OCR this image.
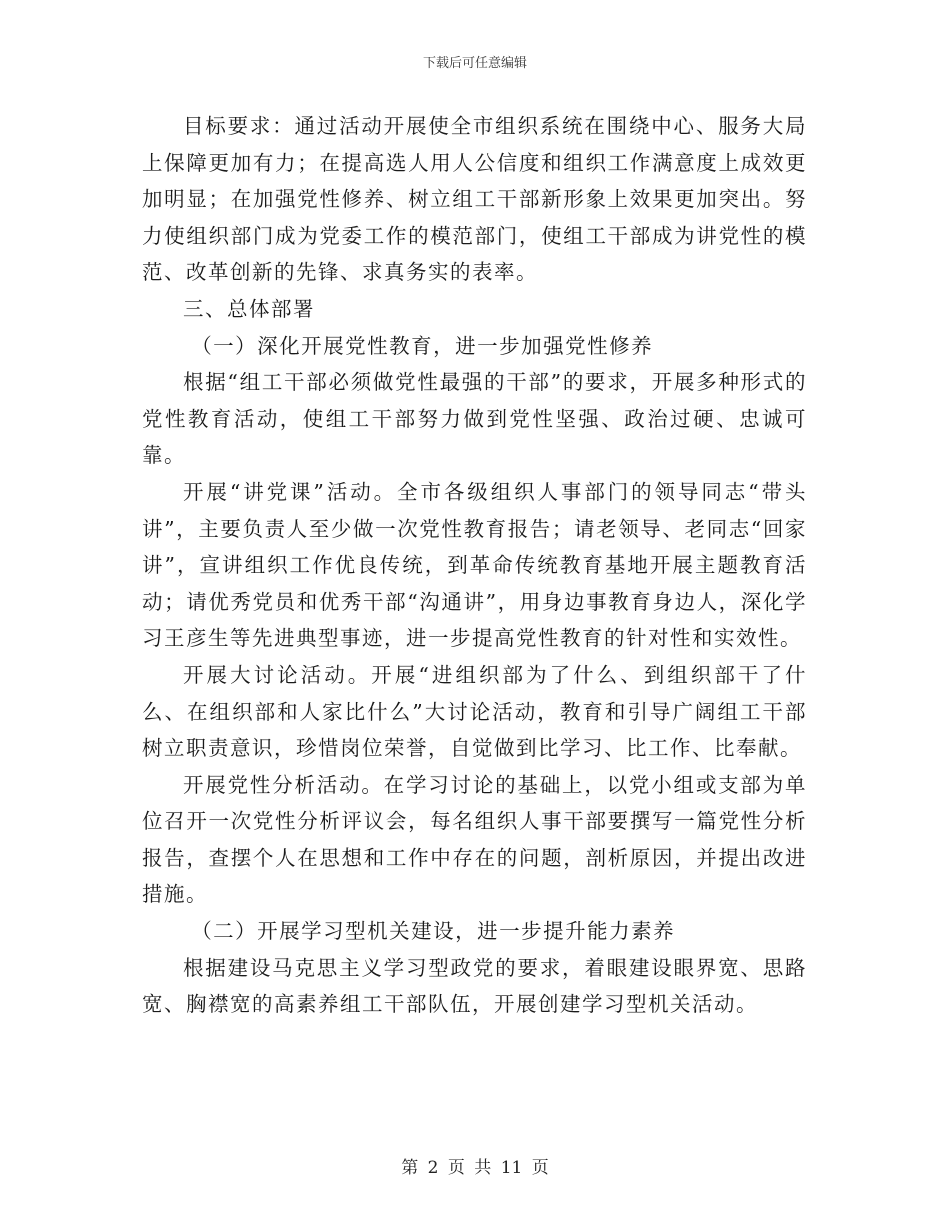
下载后可任意编辑

目标要求：通过活动开展使全市组织系统在围绕中心、服务大局上保障更加有力；在提高选人用人公信度和组织工作满意度上成效更加明显；在加强党性修养、树立组工干部新形象上效果更加突出。努力使组织部门成为党委工作的模范部门，使组工干部成为讲党性的模范、改革创新的先锋、求真务实的表率。

三、总体部署

（一）深化开展党性教育，进一步加强党性修养

根据“组工干部必须做党性最强的干部”的要求，开展多种形式的党性教育活动，使组工干部努力做到党性坚强、政治过硬、忠诚可靠。

开展“讲党课”活动。全市各级组织人事部门的领导同志“带头讲”，主要负责人至少做一次党性教育报告；请老领导、老同志“回家讲”，宣讲组织工作优良传统，到革命传统教育基地开展主题教育活动；请优秀党员和优秀干部“沟通讲”，用身边事教育身边人，深化学习王彦生等先进典型事迹，进一步提高党性教育的针对性和实效性。

开展大讨论活动。开展“进组织部为了什么、到组织部干了什么、在组织部和人家比什么”大讨论活动，教育和引导广阔组工干部树立职责意识，珍惜岗位荣誉，自觉做到比学习、比工作、比奉献。

开展党性分析活动。在学习讨论的基础上，以党小组或支部为单位召开一次党性分析评议会，每名组织人事干部要撰写一篇党性分析报告，查摆个人在思想和工作中存在的问题，剖析原因，并提出改进措施。

（二）开展学习型机关建设，进一步提升能力素养

根据建设马克思主义学习型政党的要求，着眼建设眼界宽、思路宽、胸襟宽的高素养组工干部队伍，开展创建学习型机关活动。

第 2 页 共 11 页
